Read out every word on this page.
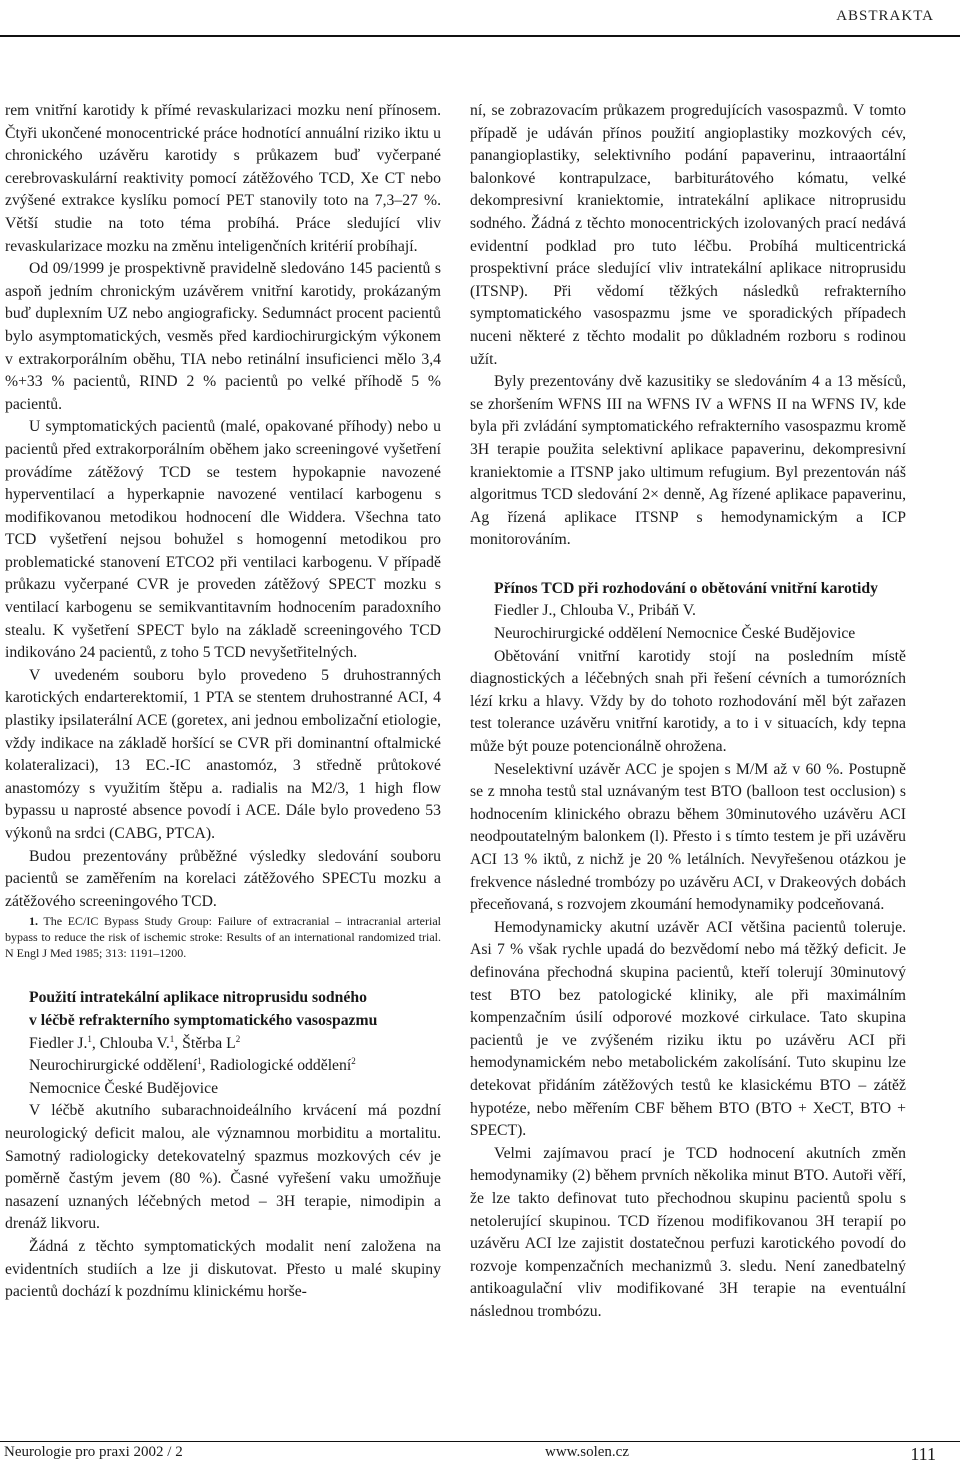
ABSTRAKTA

rem vnitřní karotidy k přímé revaskularizaci mozku není přínosem. Čtyři ukončené monocentrické práce hodnotící annuální riziko iktu u chronického uzávěru karotidy s průkazem buď vyčerpané cerebrovaskulární reaktivity pomocí zátěžového TCD, Xe CT nebo zvýšené extrakce kyslíku pomocí PET stanovily toto na 7,3–27 %. Větší studie na toto téma probíhá. Práce sledující vliv revaskularizace mozku na změnu inteligenčních kritérií probíhají.

Od 09/1999 je prospektivně pravidelně sledováno 145 pacientů s aspoň jedním chronickým uzávěrem vnitřní karotidy, prokázaným buď duplexním UZ nebo angiograficky. Sedumnáct procent pacientů bylo asymptomatických, vesměs před kardiochirurgickým výkonem v extrakorporálním oběhu, TIA nebo retinální insuficienci mělo 3,4 %+33 % pacientů, RIND 2 % pacientů po velké příhodě 5 % pacientů.

U symptomatických pacientů (malé, opakované příhody) nebo u pacientů před extrakorporálním oběhem jako screeningové vyšetření provádíme zátěžový TCD se testem hypokapnie navozené hyperventilací a hyperkapnie navozené ventilací karbogenu s modifikovanou metodikou hodnocení dle Widdera. Všechna tato TCD vyšetření nejsou bohužel s homogenní metodikou pro problematické stanovení ETCO2 při ventilaci karbogenu. V případě průkazu vyčerpané CVR je proveden zátěžový SPECT mozku s ventilací karbogenu se semikvantitavním hodnocením paradoxního stealu. K vyšetření SPECT bylo na základě screeningového TCD indikováno 24 pacientů, z toho 5 TCD nevyšetřitelných.

V uvedeném souboru bylo provedeno 5 druhostranných karotických endarterektomií, 1 PTA se stentem druhostranné ACI, 4 plastiky ipsilaterální ACE (goretex, ani jednou embolizační etiologie, vždy indikace na základě horšící se CVR při dominantní oftalmické kolateralizaci), 13 EC.-IC anastomóz, 3 středně průtokové anastomózy s využitím štěpu a. radialis na M2/3, 1 high flow bypassu u naprosté absence povodí i ACE. Dále bylo provedeno 53 výkonů na srdci (CABG, PTCA).

Budou prezentovány průběžné výsledky sledování souboru pacientů se zaměřením na korelaci zátěžového SPECTu mozku a zátěžového screeningového TCD.

1. The EC/IC Bypass Study Group: Failure of extracranial – intracranial arterial bypass to reduce the risk of ischemic stroke: Results of an international randomized trial. N Engl J Med 1985; 313: 1191–1200.

Použití intratekální aplikace nitroprusidu sodného
v léčbě refrakterního symptomatického vasospazmu

Fiedler J.$^1$, Chlouba V.$^1$, Štěrba $L^2$

Neurochirurgické oddělení$^1$, Radiologické oddělení$^2$

Nemocnice České Budějovice

V léčbě akutního subarachnoideálního krvácení má pozdní neurologický deficit malou, ale významnou morbiditu a mortalitu. Samotný radiologicky detekovatelný spazmus mozkových cév je poměrně častým jevem (80 %). Časné vyřešení vaku umožňuje nasazení uznaných léčebných metod – 3H terapie, nimodipin a drenáž likvoru.

Žádná z těchto symptomatických modalit není založena na evidentních studiích a lze ji diskutovat. Přesto u malé skupiny pacientů dochází k pozdnímu klinickému horše-

ní, se zobrazovacím průkazem progredujících vasospazmů. V tomto případě je udáván přínos použití angioplastiky mozkových cév, panangioplastiky, selektivního podání papaverinu, intraaortální balonkové kontrapulzace, barbiturátového kómatu, velké dekompresivní kraniektomie, intratekální aplikace nitroprusidu sodného. Žádná z těchto monocentrických izolovaných prací nedává evidentní podklad pro tuto léčbu. Probíhá multicentrická prospektivní práce sledující vliv intratekální aplikace nitroprusidu (ITSNP). Při vědomí těžkých následků refrakterního symptomatického vasospazmu jsme ve sporadických případech nuceni některé z těchto modalit po důkladném rozboru s rodinou užít.

Byly prezentovány dvě kazusitiky se sledováním 4 a 13 měsíců, se zhoršením WFNS III na WFNS IV a WFNS II na WFNS IV, kde byla při zvládání symptomatického refrakterního vasospazmu kromě 3H terapie použita selektivní aplikace papaverinu, dekompresivní kraniektomie a ITSNP jako ultimum refugium. Byl prezentován náš algoritmus TCD sledování 2× denně, Ag řízené aplikace papaverinu, Ag řízená aplikace ITSNP s hemodynamickým a ICP monitorováním.

Přínos TCD při rozhodování o obětování vnitřní karotidy

Fiedler J., Chlouba V., Pribáň V.

Neurochirurgické oddělení Nemocnice České Budějovice

Obětování vnitřní karotidy stojí na posledním místě diagnostických a léčebných snah při řešení cévních a tumorózních lézí krku a hlavy. Vždy by do tohoto rozhodování měl být zařazen test tolerance uzávěru vnitřní karotidy, a to i v situacích, kdy tepna může být pouze potencionálně ohrožena.

Neselektivní uzávěr ACC je spojen s M/M až v 60 %. Postupně se z mnoha testů stal uznávaným test BTO (balloon test occlusion) s hodnocením klinického obrazu během 30minutového uzávěru ACI neodpoutatelným balonkem (l). Přesto i s tímto testem je při uzávěru ACI 13 % iktů, z nichž je 20 % letálních. Nevyřešenou otázkou je frekvence následné trombózy po uzávěru ACI, v Drakeových dobách přeceňovaná, s rozvojem zkoumání hemodynamiky podceňovaná.

Hemodynamicky akutní uzávěr ACI většina pacientů toleruje. Asi 7 % však rychle upadá do bezvědomí nebo má těžký deficit. Je definována přechodná skupina pacientů, kteří tolerují 30minutový test BTO bez patologické kliniky, ale při maximálním kompenzačním úsilí odporové mozkové cirkulace. Tato skupina pacientů je ve zvýšeném riziku iktu po uzávěru ACI při hemodynamickém nebo metabolickém zakolísání. Tuto skupinu lze detekovat přidáním zátěžových testů ke klasickému BTO – zátěž hypotéze, nebo měřením CBF během BTO (BTO + XeCT, BTO + SPECT).

Velmi zajímavou prací je TCD hodnocení akutních změn hemodynamiky (2) během prvních několika minut BTO. Autoři věří, že lze takto definovat tuto přechodnou skupinu pacientů spolu s netolerující skupinou. TCD řízenou modifikovanou 3H terapií po uzávěru ACI lze zajistit dostatečnou perfuzi karotického povodí do rozvoje kompenzačních mechanizmů 3. sledu. Není zanedbatelný antikoagulační vliv modifikované 3H terapie na eventuální následnou trombózu.

Neurologie pro praxi 2002 / 2	www.solen.cz	111
